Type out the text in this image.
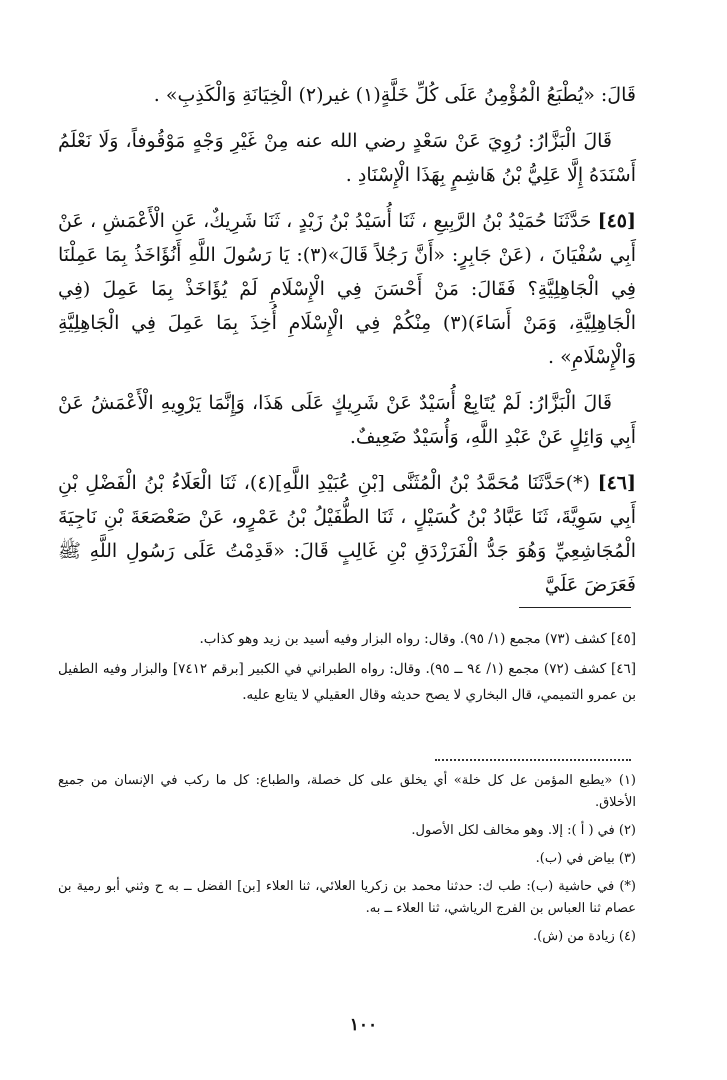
قَالَ: «يُطْبَعُ الْمُؤْمِنُ عَلَى كُلِّ خَلَّةٍ(١) غير(٢) الْخِيَانَةِ وَالْكَذِبِ» .

قَالَ الْبَزَّارُ: رُوِيَ عَنْ سَعْدٍ رضي الله عنه مِنْ غَيْرِ وَجْهٍ مَوْقُوفاً، وَلَا نَعْلَمُ أَسْنَدَهُ إِلَّا عَلِيُّ بْنُ هَاشِمٍ بِهَذَا الْإِسْنَادِ .

[٤٥] حَدَّثَنَا حُمَيْدُ بْنُ الرَّبِيعِ ، ثَنَا أُسَيْدُ بْنُ زَيْدٍ ، ثَنَا شَرِيكٌ، عَنِ الْأَعْمَشِ ، عَنْ أَبِي سُفْيَانَ ، (عَنْ جَابِرٍ: «أَنَّ رَجُلاً قَالَ»(٣): يَا رَسُولَ اللَّهِ أَنُؤَاخَذُ بِمَا عَمِلْنَا فِي الْجَاهِلِيَّةِ؟ فَقَالَ: مَنْ أَحْسَنَ فِي الْإِسْلَامِ لَمْ يُؤَاخَذْ بِمَا عَمِلَ (فِي الْجَاهِلِيَّةِ، وَمَنْ أَسَاءَ)(٣) مِنْكُمْ فِي الْإِسْلَامِ أُخِذَ بِمَا عَمِلَ فِي الْجَاهِلِيَّةِ وَالْإِسْلَامِ» .

قَالَ الْبَزَّارُ: لَمْ يُتَابِعْ أُسَيْدٌ عَنْ شَرِيكٍ عَلَى هَذَا، وَإِنَّمَا يَرْوِيهِ الْأَعْمَشُ عَنْ أَبِي وَائِلٍ عَنْ عَبْدِ اللَّهِ، وَأُسَيْدٌ ضَعِيفٌ.

[٤٦] (*)حَدَّثَنَا مُحَمَّدُ بْنُ الْمُثَنَّى [بْنِ عُبَيْدِ اللَّهِ](٤)، ثَنَا الْعَلَاءُ بْنُ الْفَضْلِ بْنِ أَبِي سَوِيَّةَ، ثَنَا عَبَّادُ بْنُ كُسَيْلٍ ، ثَنَا الطُّفَيْلُ بْنُ عَمْرٍو، عَنْ صَعْصَعَةَ بْنِ نَاجِيَةَ الْمُجَاشِعِيِّ وَهُوَ جَدُّ الْفَرَزْدَقِ بْنِ غَالِبٍ قَالَ: «قَدِمْتُ عَلَى رَسُولِ اللَّهِ ﷺ فَعَرَضَ عَلَيَّ

[٤٥] كشف (٧٣) مجمع (١/ ٩٥). وقال: رواه البزار وفيه أسيد بن زيد وهو كذاب.

[٤٦] كشف (٧٢) مجمع (١/ ٩٤ ــ ٩٥). وقال: رواه الطبراني في الكبير [برقم ٧٤١٢] والبزار وفيه الطفيل بن عمرو التميمي، قال البخاري لا يصح حديثه وقال العقيلي لا يتابع عليه.

(١) «يطبع المؤمن عل كل خلة» أي يخلق على كل خصلة، والطباع: كل ما ركب في الإنسان من جميع الأخلاق.

(٢) في ( أ ): إلا. وهو مخالف لكل الأصول.

(٣) بياض في (ب).

(*) في حاشية (ب): طب ك: حدثنا محمد بن زكريا العلائي، ثنا العلاء [بن] الفضل ــ به ح وثني أبو رمية بن عصام ثنا العباس بن الفرج الرياشي، ثنا العلاء ــ به.

(٤) زيادة من (ش).

١٠٠
